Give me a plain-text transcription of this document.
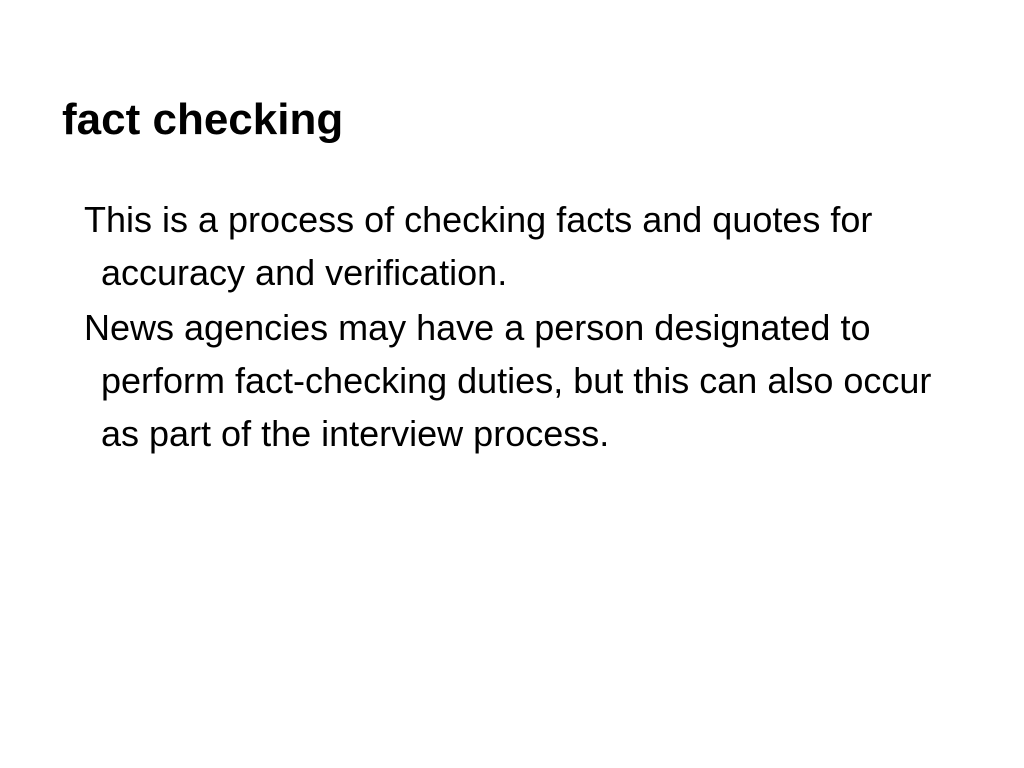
fact checking
This is a process of checking facts and quotes for accuracy and verification.
News agencies may have a person designated to perform fact-checking duties, but this can also occur as part of the interview process.
